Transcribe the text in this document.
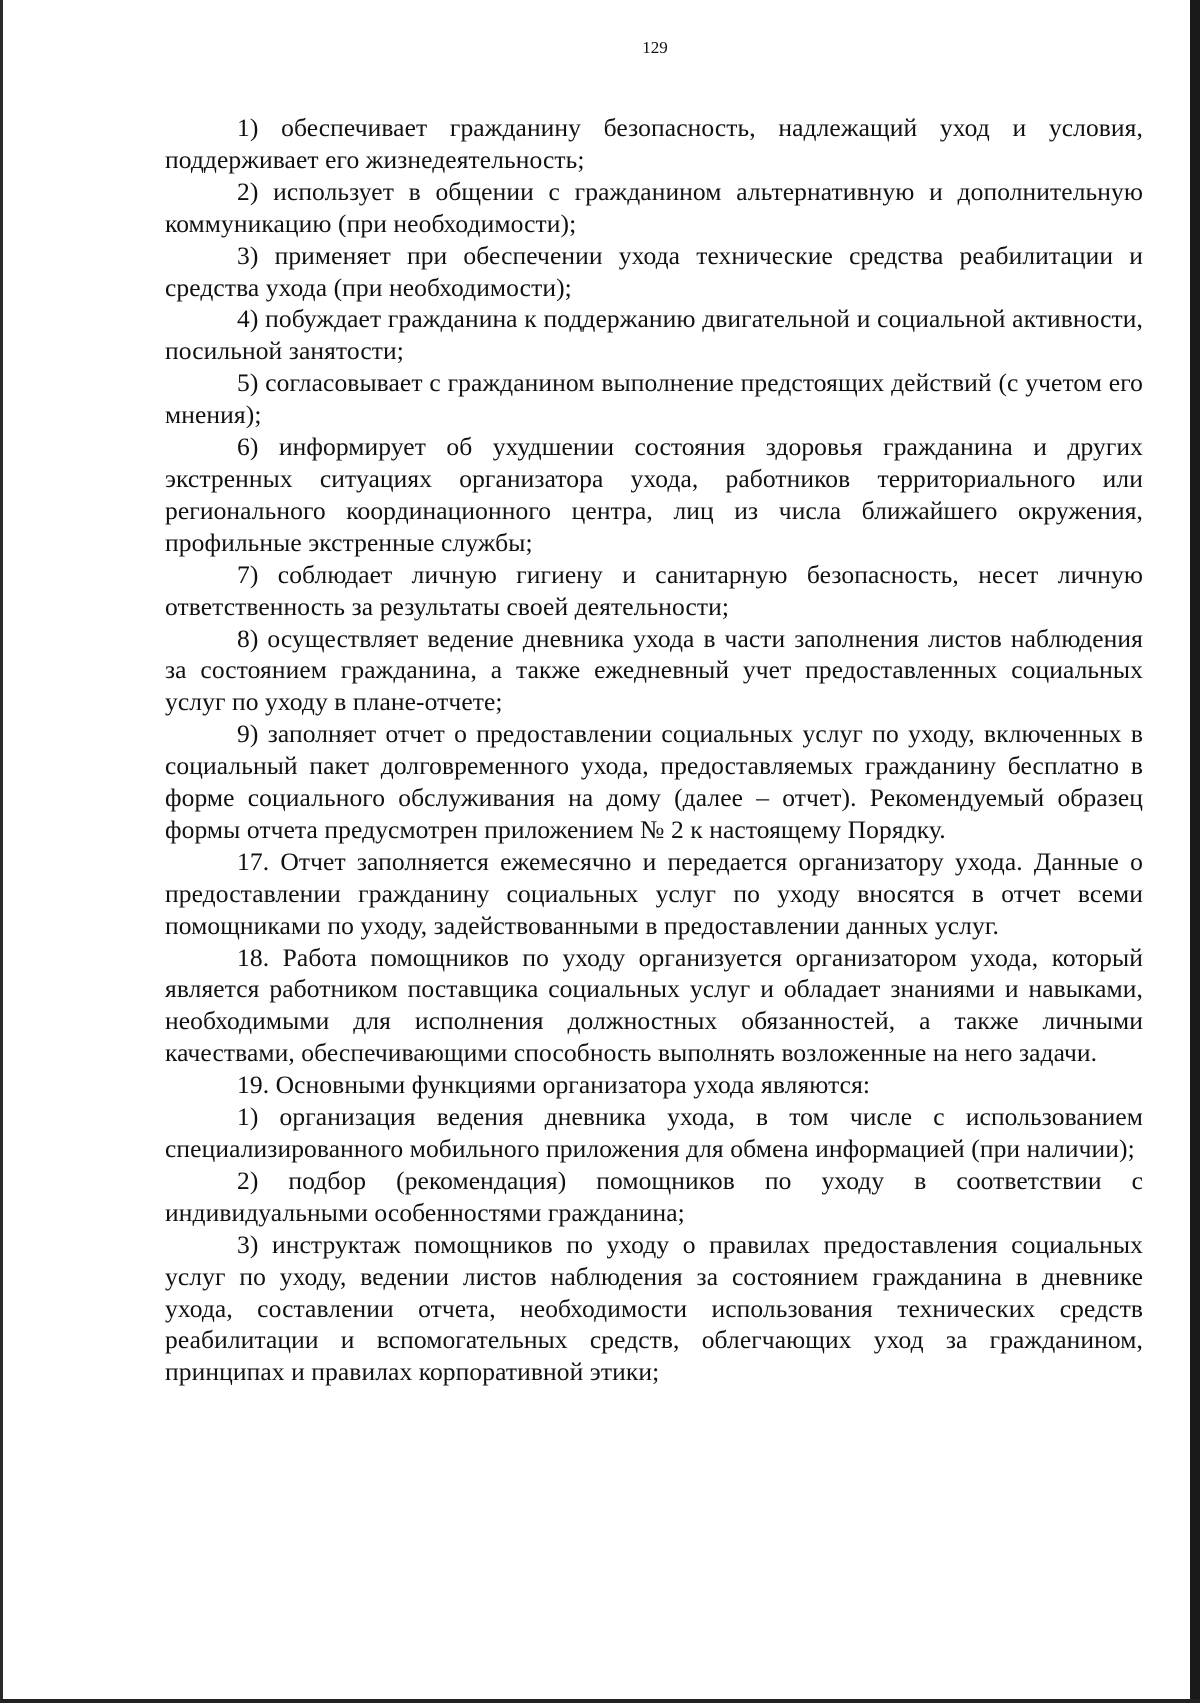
129

1) обеспечивает гражданину безопасность, надлежащий уход и условия, поддерживает его жизнедеятельность;

2) использует в общении с гражданином альтернативную и дополнительную коммуникацию (при необходимости);

3) применяет при обеспечении ухода технические средства реабилитации и средства ухода (при необходимости);

4) побуждает гражданина к поддержанию двигательной и социальной активности, посильной занятости;

5) согласовывает с гражданином выполнение предстоящих действий (с учетом его мнения);

6) информирует об ухудшении состояния здоровья гражданина и других экстренных ситуациях организатора ухода, работников территориального или регионального координационного центра, лиц из числа ближайшего окружения, профильные экстренные службы;

7) соблюдает личную гигиену и санитарную безопасность, несет личную ответственность за результаты своей деятельности;

8) осуществляет ведение дневника ухода в части заполнения листов наблюдения за состоянием гражданина, а также ежедневный учет предоставленных социальных услуг по уходу в плане-отчете;

9) заполняет отчет о предоставлении социальных услуг по уходу, включенных в социальный пакет долговременного ухода, предоставляемых гражданину бесплатно в форме социального обслуживания на дому (далее – отчет). Рекомендуемый образец формы отчета предусмотрен приложением № 2 к настоящему Порядку.

17. Отчет заполняется ежемесячно и передается организатору ухода. Данные о предоставлении гражданину социальных услуг по уходу вносятся в отчет всеми помощниками по уходу, задействованными в предоставлении данных услуг.

18. Работа помощников по уходу организуется организатором ухода, который является работником поставщика социальных услуг и обладает знаниями и навыками, необходимыми для исполнения должностных обязанностей, а также личными качествами, обеспечивающими способность выполнять возложенные на него задачи.

19. Основными функциями организатора ухода являются:

1) организация ведения дневника ухода, в том числе с использованием специализированного мобильного приложения для обмена информацией (при наличии);

2) подбор (рекомендация) помощников по уходу в соответствии с индивидуальными особенностями гражданина;

3) инструктаж помощников по уходу о правилах предоставления социальных услуг по уходу, ведении листов наблюдения за состоянием гражданина в дневнике ухода, составлении отчета, необходимости использования технических средств реабилитации и вспомогательных средств, облегчающих уход за гражданином, принципах и правилах корпоративной этики;
